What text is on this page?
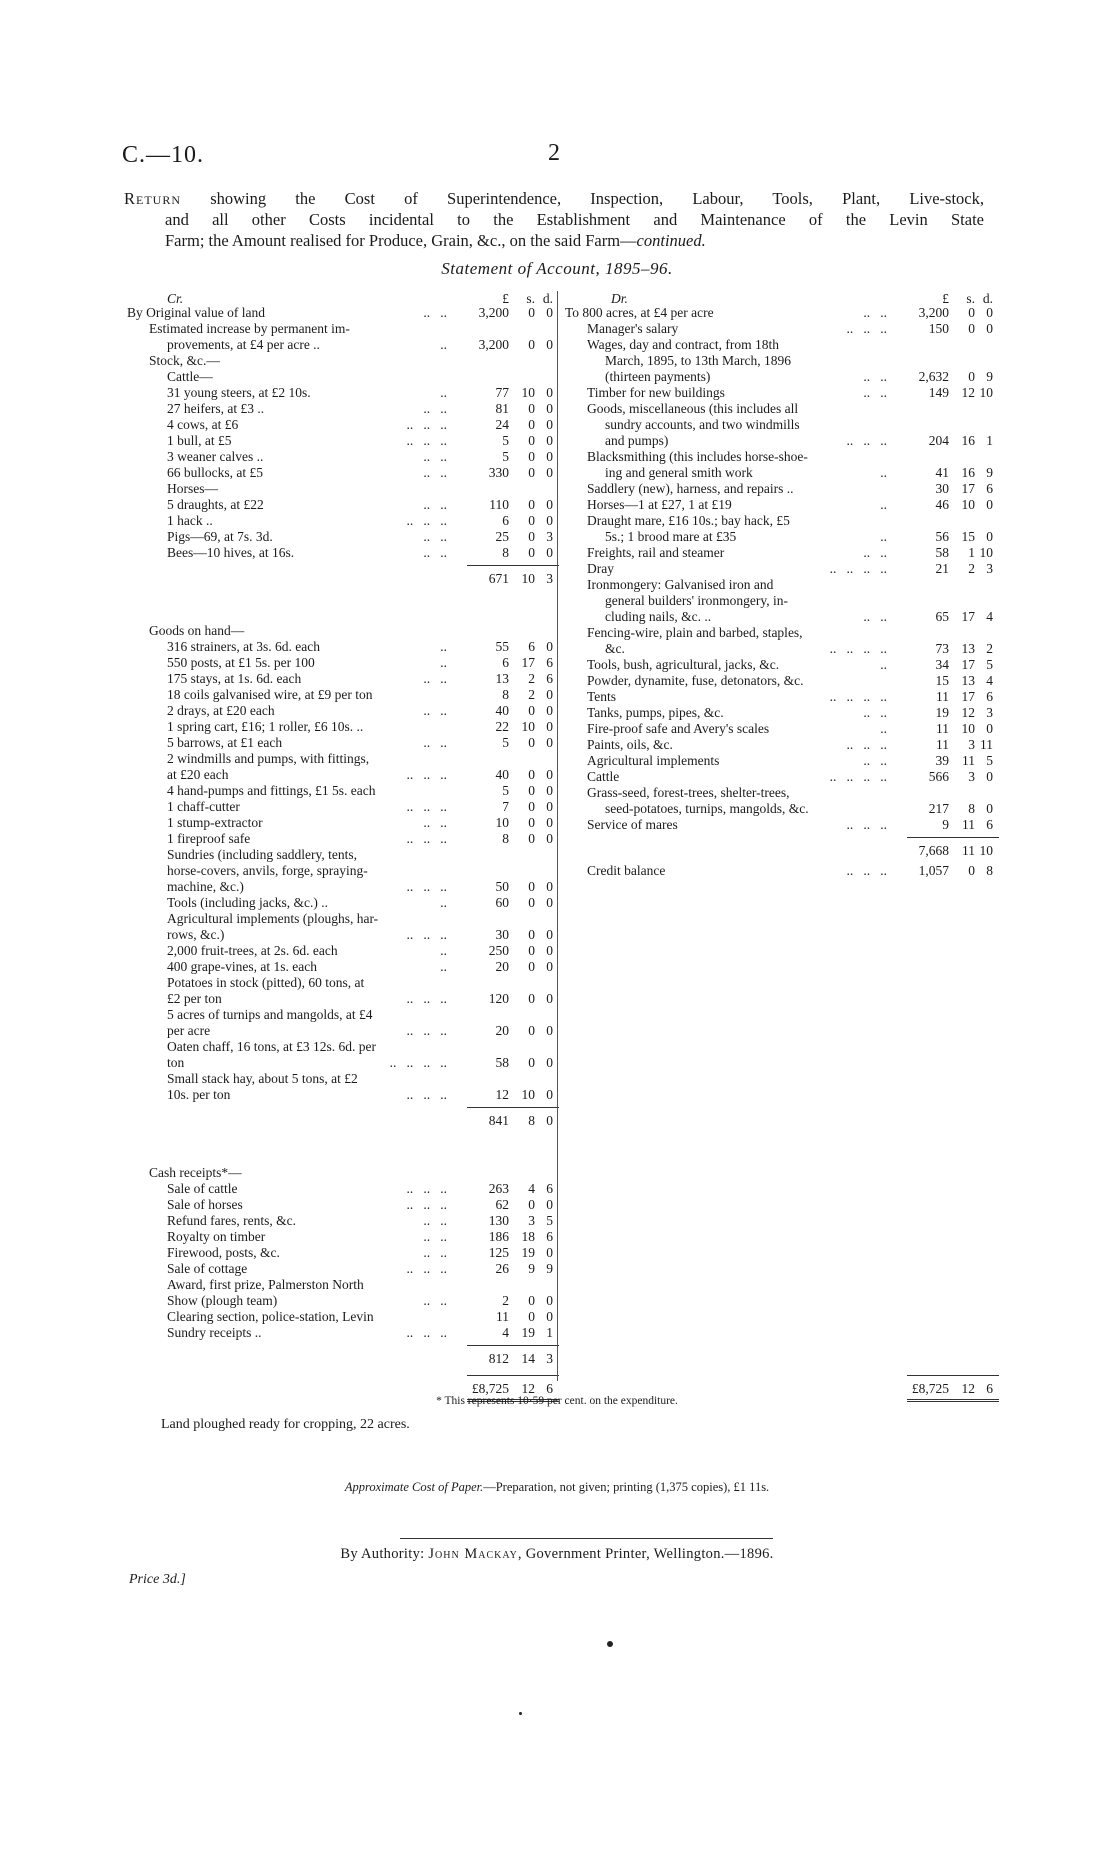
C.—10.	2
Return showing the Cost of Superintendence, Inspection, Labour, Tools, Plant, Live-stock,
and all other Costs incidental to the Establishment and Maintenance of the Levin State
Farm; the Amount realised for Produce, Grain, &c., on the said Farm—continued.
Statement of Account, 1895–96.
Cr.	£	s. d.
By Original value of land	..   ..	3,200	0 0
Estimated increase by permanent im-
provements, at £4 per acre ..	..	3,200	0 0
Stock, &c.—
Cattle—
31 young steers, at £2 10s.	..	77 10 0
27 heifers, at £3 ..	..   ..	81	0 0
4 cows, at £6	..   ..   ..	24	0 0
1 bull, at £5	..   ..   ..	5	0 0
3 weaner calves ..	..   ..	5	0 0
66 bullocks, at £5	..   ..	330	0 0
Horses—
5 draughts, at £22	..   ..	110	0 0
1 hack ..	..   ..   ..	6	0 0
Pigs—69, at 7s. 3d.	..   ..	25	0 3
Bees—10 hives, at 16s.	..   ..	8	0 0
671 10 3
Goods on hand—
316 strainers, at 3s. 6d. each	..	55	6 0
550 posts, at £1 5s. per 100	..	6 17 6
175 stays, at 1s. 6d. each	..   ..	13	2 6
18 coils galvanised wire, at £9 per ton	8	2 0
2 drays, at £20 each	..   ..	40	0 0
1 spring cart, £16; 1 roller, £6 10s. ..	22 10 0
5 barrows, at £1 each	..   ..	5	0 0
2 windmills and pumps, with fittings,
at £20 each	..   ..   ..	40	0 0
4 hand-pumps and fittings, £1 5s. each	5	0 0
1 chaff-cutter	..   ..   ..	7	0 0
1 stump-extractor	..   ..	10	0 0
1 fireproof safe	..   ..   ..	8	0 0
Sundries (including saddlery, tents,
horse-covers, anvils, forge, spraying-
machine, &c.)	..   ..   ..	50	0 0
Tools (including jacks, &c.) ..	..	60	0 0
Agricultural implements (ploughs, har-
rows, &c.)	..   ..   ..	30	0 0
2,000 fruit-trees, at 2s. 6d. each	..	250	0 0
400 grape-vines, at 1s. each	..	20	0 0
Potatoes in stock (pitted), 60 tons, at
£2 per ton	..   ..   ..	120	0 0
5 acres of turnips and mangolds, at £4
per acre	..   ..   ..	20	0 0
Oaten chaff, 16 tons, at £3 12s. 6d. per
ton	..   ..   ..   ..	58	0 0
Small stack hay, about 5 tons, at £2
10s. per ton	..   ..   ..	12 10 0
841	8 0
Cash receipts*—
Sale of cattle	..   ..   ..	263	4 6
Sale of horses	..   ..   ..	62	0 0
Refund fares, rents, &c.	..   ..	130	3 5
Royalty on timber	..   ..	186 18 6
Firewood, posts, &c.	..   ..	125 19 0
Sale of cottage	..   ..   ..	26	9 9
Award, first prize, Palmerston North
Show (plough team)	..   ..	2	0 0
Clearing section, police-station, Levin	11	0 0
Sundry receipts ..	..   ..   ..	4 19 1
812 14 3
£8,725 12 6
Dr.	£	s. d.
To 800 acres, at £4 per acre	..   ..	3,200	0 0
Manager's salary	..   ..   ..	150	0 0
Wages, day and contract, from 18th
March, 1895, to 13th March, 1896
(thirteen payments)	..   ..	2,632	0 9
Timber for new buildings	..   ..	149 12 10
Goods, miscellaneous (this includes all
sundry accounts, and two windmills
and pumps)	..   ..   ..	204 16 1
Blacksmithing (this includes horse-shoe-
ing and general smith work	..	41 16 9
Saddlery (new), harness, and repairs ..	30 17 6
Horses—1 at £27, 1 at £19	..	46 10 0
Draught mare, £16 10s.; bay hack, £5
5s.; 1 brood mare at £35	..	56 15 0
Freights, rail and steamer	..   ..	58	1 10
Dray	..   ..   ..   ..	21	2 3
Ironmongery: Galvanised iron and
general builders' ironmongery, in-
cluding nails, &c. ..	..   ..	65 17 4
Fencing-wire, plain and barbed, staples,
&c.	..   ..   ..   ..	73 13 2
Tools, bush, agricultural, jacks, &c.	..	34 17 5
Powder, dynamite, fuse, detonators, &c.	15 13 4
Tents	..   ..   ..   ..	11 17 6
Tanks, pumps, pipes, &c.	..   ..	19 12 3
Fire-proof safe and Avery's scales	..	11 10 0
Paints, oils, &c.	..   ..   ..	11	3 11
Agricultural implements	..   ..	39 11 5
Cattle	..   ..   ..   ..	566	3 0
Grass-seed, forest-trees, shelter-trees,
seed-potatoes, turnips, mangolds, &c.	217	8 0
Service of mares	..   ..   ..	9 11 6
7,668 11 10
Credit balance	..   ..   ..	1,057	0 8
£8,725 12 6
* This represents 10·59 per cent. on the expenditure.
Land ploughed ready for cropping, 22 acres.
Approximate Cost of Paper.—Preparation, not given; printing (1,375 copies), £1 11s.
By Authority: John Mackay, Government Printer, Wellington.—1896.
Price 3d.]
